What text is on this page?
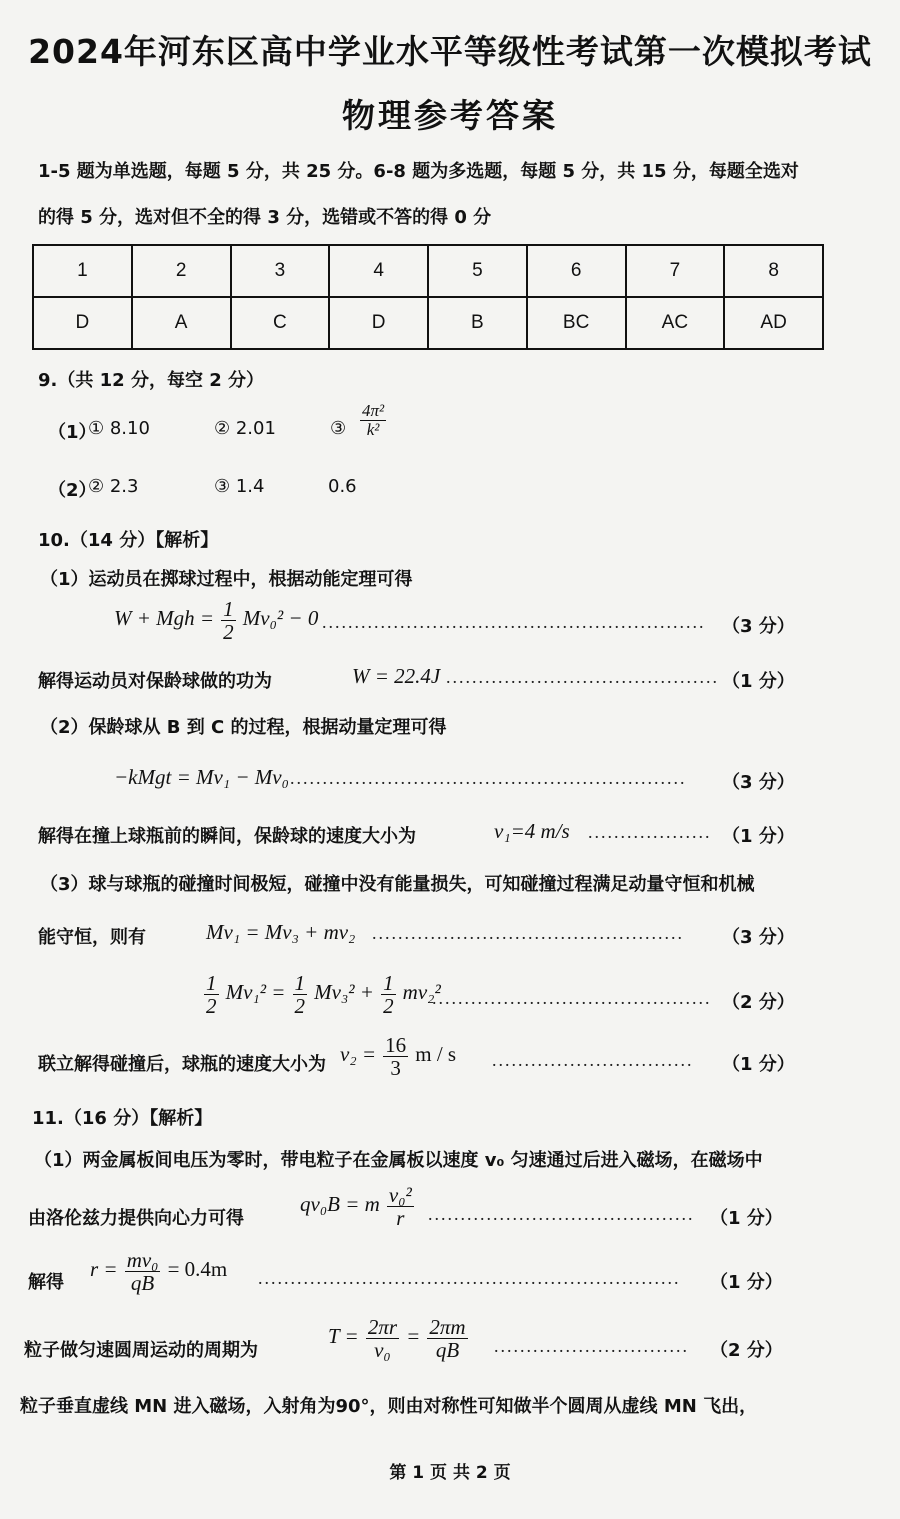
2024年河东区高中学业水平等级性考试第一次模拟考试
物理参考答案
1-5 题为单选题，每题 5 分，共 25 分。6-8 题为多选题，每题 5 分，共 15 分，每题全选对
的得 5 分，选对但不全的得 3 分，选错或不答的得 0 分
1	2	3	4	5	6	7	8
D	A	C	D	B	BC	AC	AD
9.（共 12 分，每空 2 分）
（1）
① 8.10	② 2.01	③ $\frac{\text{4π²}}{\text{k²}}$
（2）
② 2.3	③ 1.4	0.6
10.（14 分）【解析】
（1）运动员在掷球过程中，根据动能定理可得
W + Mgh = $\frac{1}{2} Mv_0^2 - 0$ ........................................................... （3 分）
解得运动员对保龄球做的功为	W = 22.4J .......................................... （1 分）
（2）保龄球从 B 到 C 的过程，根据动量定理可得
−kMgt = Mv₁ − Mv₀ ............................................................. （3 分）
解得在撞上球瓶前的瞬间，保龄球的速度大小为	v₁=4 m/s ................... （1 分）
（3）球与球瓶的碰撞时间极短，碰撞中没有能量损失，可知碰撞过程满足动量守恒和机械
能守恒，则有	Mv₁ = Mv₃ + mv₂ ................................................ （3 分）
$\frac{1}{2} Mv_1^2 = \frac{1}{2} Mv_3^2 + \frac{1}{2} mv_2^2$
........................................... （2 分）
联立解得碰撞后，球瓶的速度大小为 $v_2 = \frac{16}{3}$ m / s ............................... （1 分）
11.（16 分）【解析】
（1）两金属板间电压为零时，带电粒子在金属板以速度 v₀ 匀速通过后进入磁场，在磁场中
由洛伦兹力提供向心力可得
qv₀B = m $\frac{\text{v₀²}}{r}$ ......................................... （1 分）
解得
$r = \frac{\text{mv₀}}{qB} = 0.4m$ ................................................................. （1 分）
粒子做匀速圆周运动的周期为
$T = \frac{2\pi r}{\text{v₀}} = \frac{2\pi m}{qB}$ .............................. （2 分）
粒子垂直虚线 MN 进入磁场，入射角为90°，则由对称性可知做半个圆周从虚线 MN 飞出，
第 1 页 共 2 页
